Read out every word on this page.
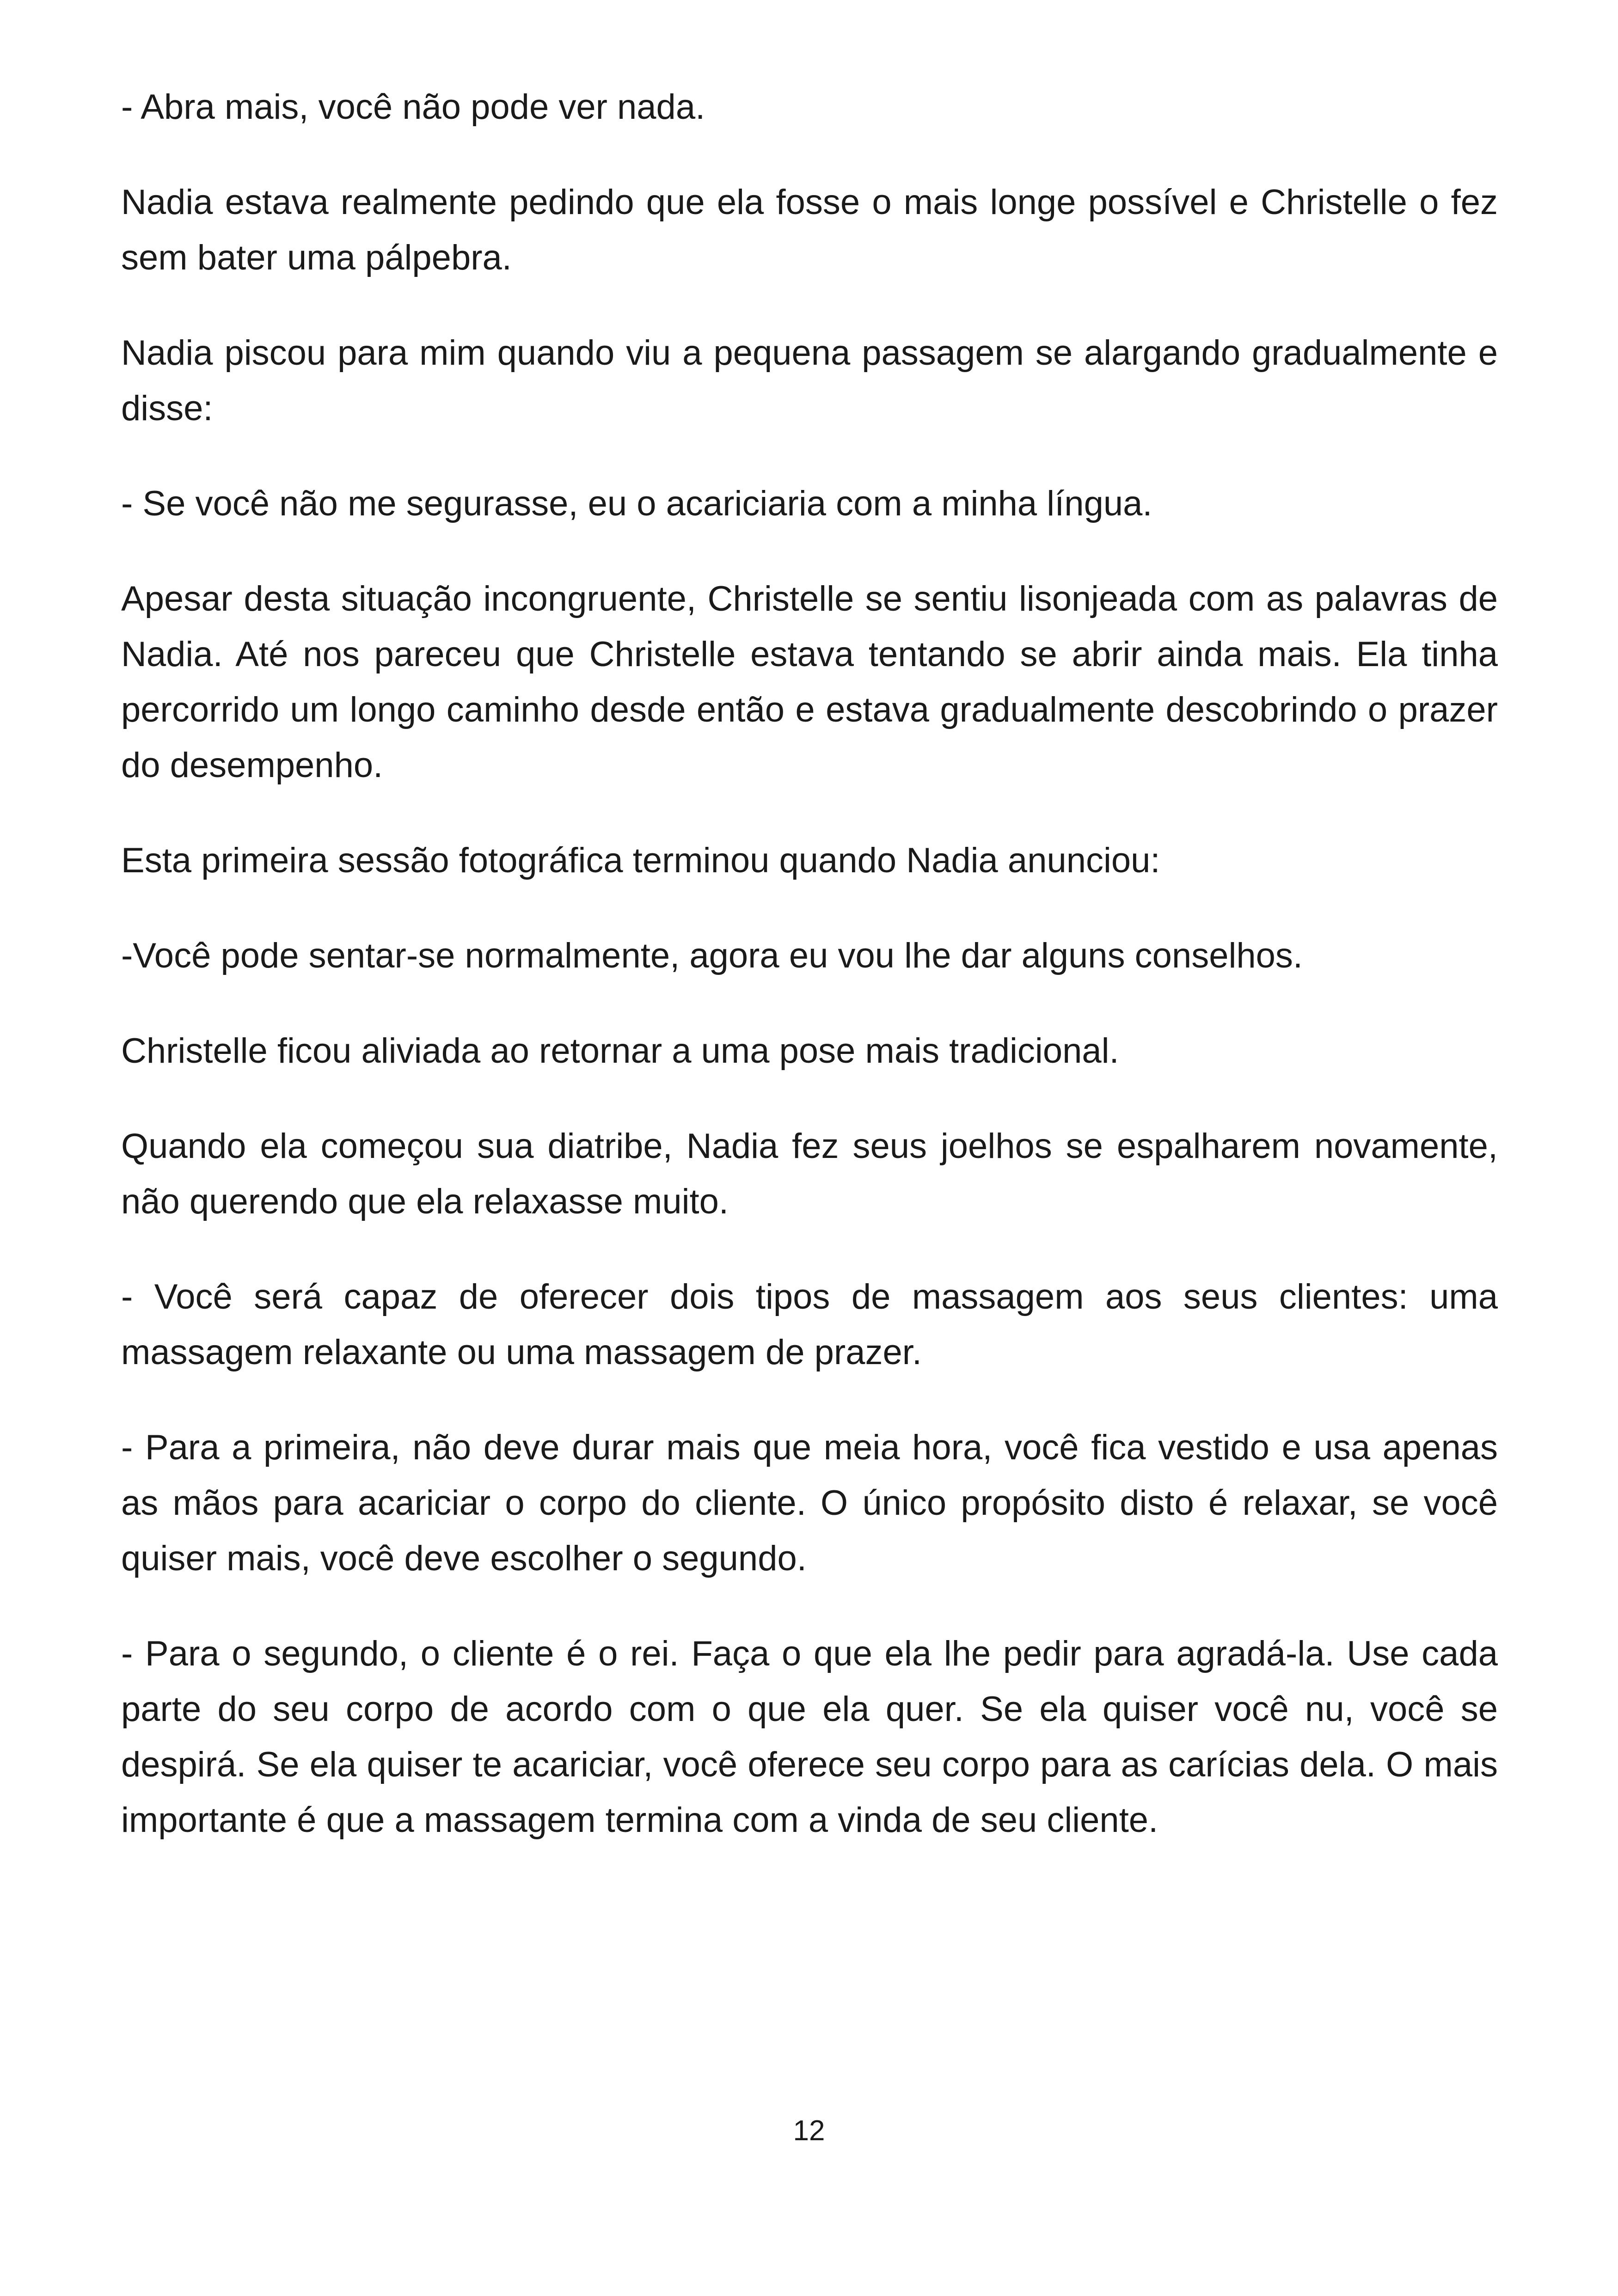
- Abra mais, você não pode ver nada.

Nadia estava realmente pedindo que ela fosse o mais longe possível e Christelle o fez sem bater uma pálpebra.

Nadia piscou para mim quando viu a pequena passagem se alargando gradualmente e disse:

- Se você não me segurasse, eu o acariciaria com a minha língua.

Apesar desta situação incongruente, Christelle se sentiu lisonjeada com as palavras de Nadia. Até nos pareceu que Christelle estava tentando se abrir ainda mais. Ela tinha percorrido um longo caminho desde então e estava gradualmente descobrindo o prazer do desempenho.

Esta primeira sessão fotográfica terminou quando Nadia anunciou:

-Você pode sentar-se normalmente, agora eu vou lhe dar alguns conselhos.

Christelle ficou aliviada ao retornar a uma pose mais tradicional.

Quando ela começou sua diatribe, Nadia fez seus joelhos se espalharem novamente, não querendo que ela relaxasse muito.

- Você será capaz de oferecer dois tipos de massagem aos seus clientes: uma massagem relaxante ou uma massagem de prazer.

- Para a primeira, não deve durar mais que meia hora, você fica vestido e usa apenas as mãos para acariciar o corpo do cliente. O único propósito disto é relaxar, se você quiser mais, você deve escolher o segundo.

- Para o segundo, o cliente é o rei. Faça o que ela lhe pedir para agradá-la. Use cada parte do seu corpo de acordo com o que ela quer. Se ela quiser você nu, você se despirá. Se ela quiser te acariciar, você oferece seu corpo para as carícias dela. O mais importante é que a massagem termina com a vinda de seu cliente.

12
